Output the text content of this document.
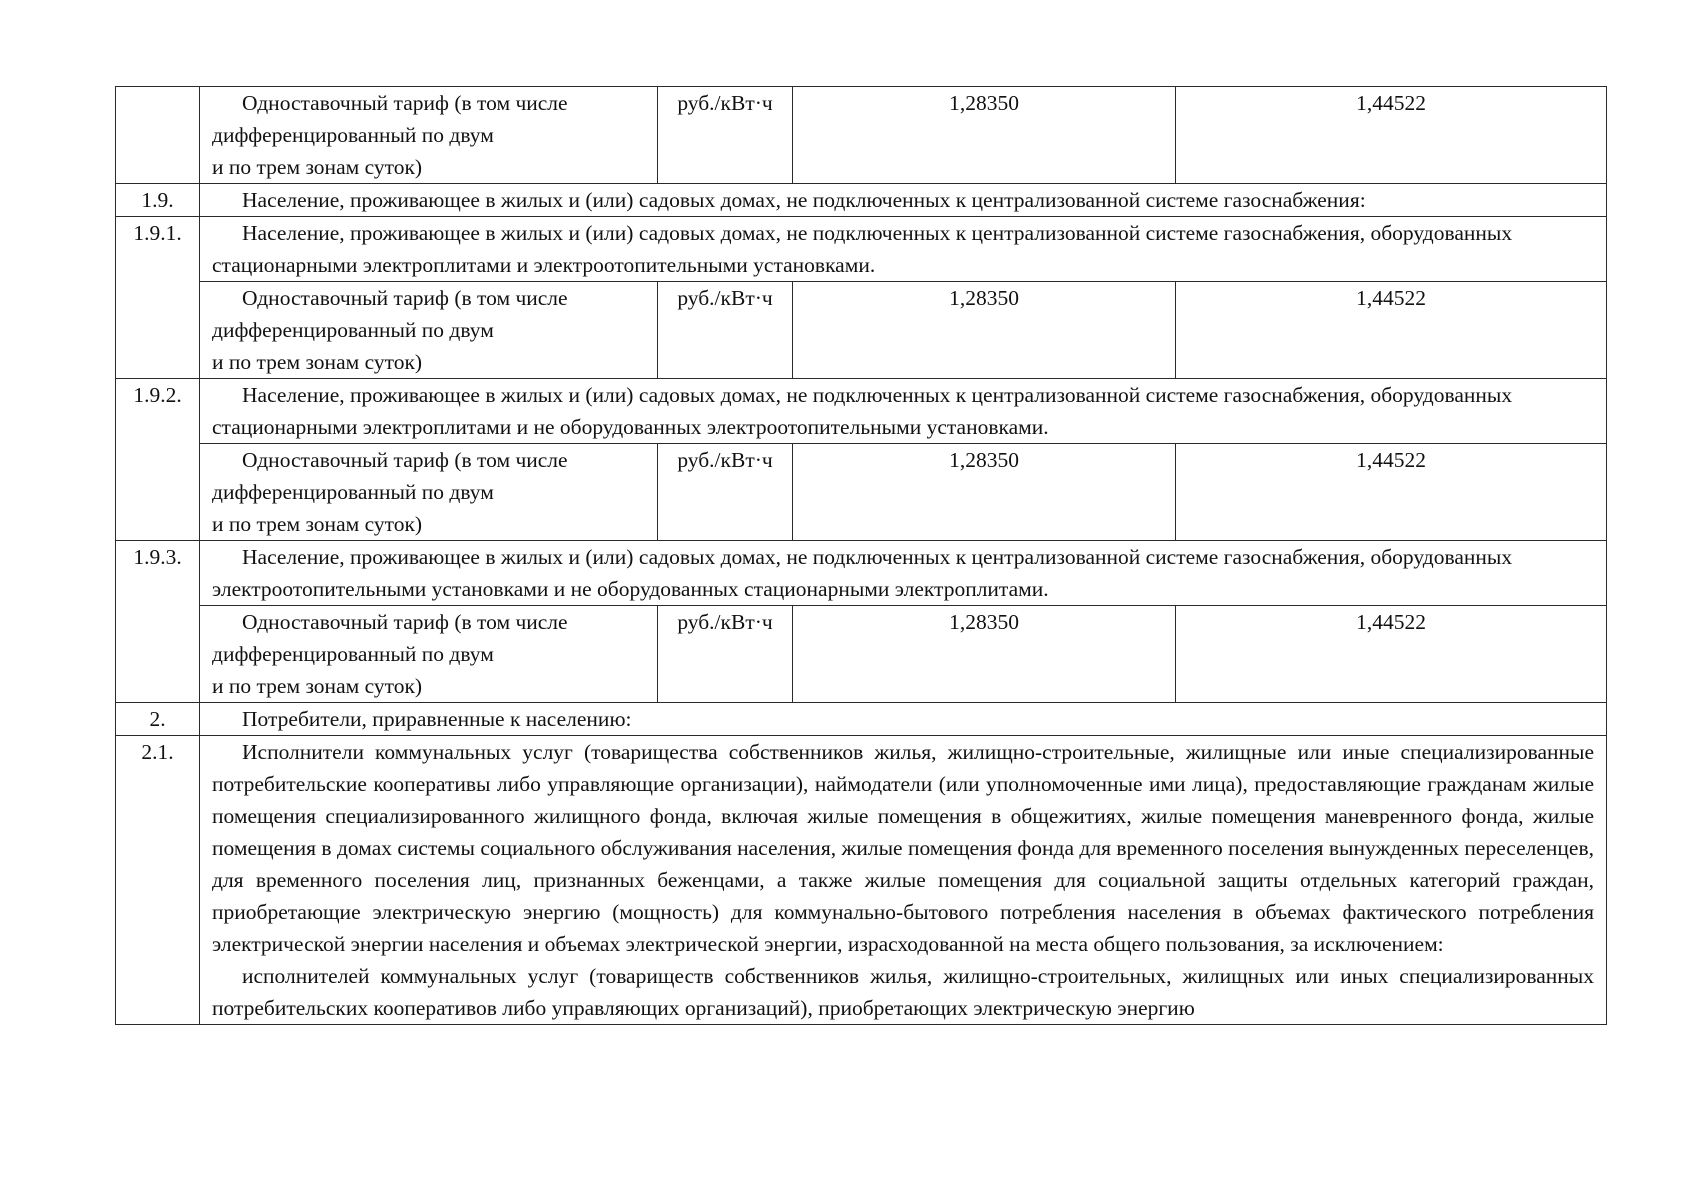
	Одноставочный тариф (в том числе
дифференцированный по двум
и по трем зонам суток)	руб./кВт·ч	1,28350	1,44522
1.9.	Население, проживающее в жилых и (или) садовых домах, не подключенных к централизованной системе газоснабжения:			
1.9.1.	Население, проживающее в жилых и (или) садовых домах, не подключенных к централизованной системе газоснабжения, оборудованных стационарными электроплитами и электроотопительными установками.			

	Одноставочный тариф (в том числе
дифференцированный по двум
и по трем зонам суток)	руб./кВт·ч	1,28350	1,44522
1.9.2.	Население, проживающее в жилых и (или) садовых домах, не подключенных к централизованной системе газоснабжения, оборудованных стационарными электроплитами и не оборудованных электроотопительными установками.			

	Одноставочный тариф (в том числе
дифференцированный по двум
и по трем зонам суток)	руб./кВт·ч	1,28350	1,44522
1.9.3.	Население, проживающее в жилых и (или) садовых домах, не подключенных к централизованной системе газоснабжения, оборудованных электроотопительными установками и не оборудованных стационарными электроплитами.			

	Одноставочный тариф (в том числе
дифференцированный по двум
и по трем зонам суток)	руб./кВт·ч	1,28350	1,44522
2.	Потребители, приравненные к населению:			
2.1.	Исполнители коммунальных услуг (товарищества собственников жилья, жилищно-строительные, жилищные или иные специализированные потребительские кооперативы либо управляющие организации), наймодатели (или уполномоченные ими лица), предоставляющие гражданам жилые помещения специализированного жилищного фонда, включая жилые помещения в общежитиях, жилые помещения маневренного фонда, жилые помещения в домах системы социального обслуживания населения, жилые помещения фонда для временного поселения вынужденных переселенцев, для временного поселения лиц, признанных беженцами, а также жилые помещения для социальной защиты отдельных категорий граждан, приобретающие электрическую энергию (мощность) для коммунально-бытового потребления населения в объемах фактического потребления электрической энергии населения и объемах электрической энергии, израсходованной на места общего пользования, за исключением:

исполнителей коммунальных услуг (товариществ собственников жилья, жилищно-строительных, жилищных или иных специализированных потребительских кооперативов либо управляющих организаций), приобретающих электрическую энергию			
